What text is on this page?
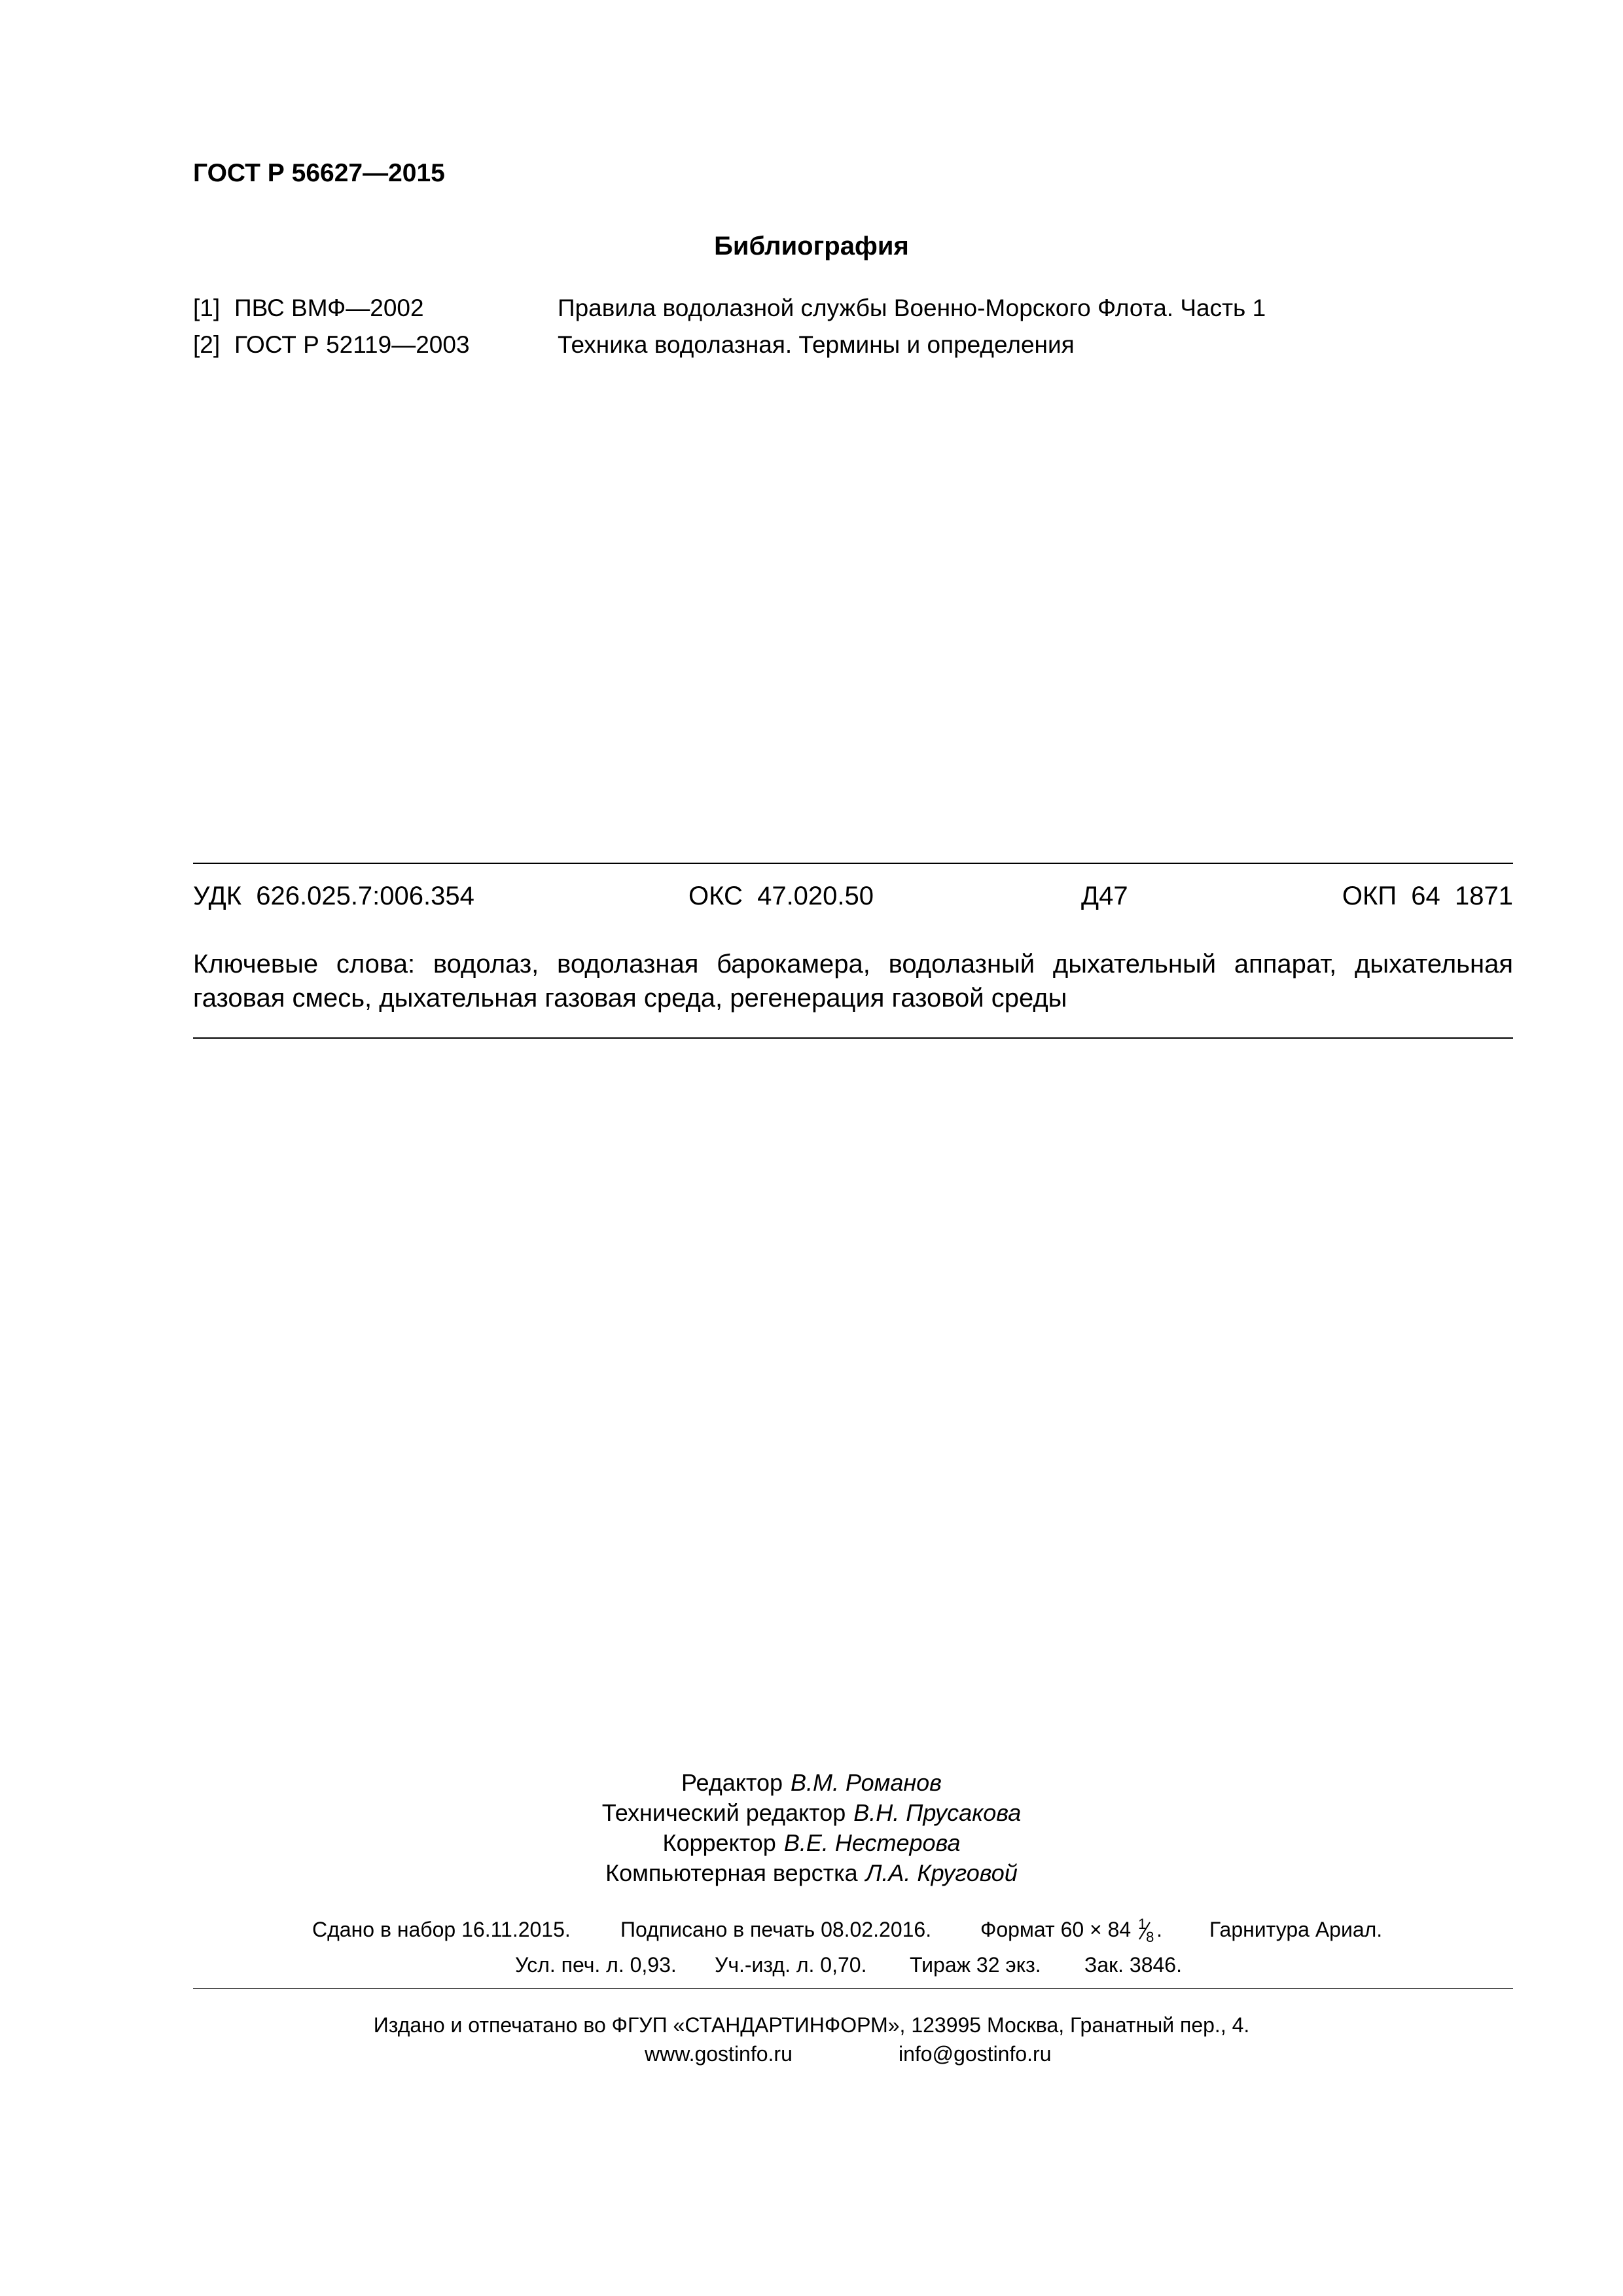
ГОСТ Р 56627—2015
Библиография
[1] ПВС ВМФ—2002	Правила водолазной службы Военно-Морского Флота. Часть 1
[2] ГОСТ Р 52119—2003	Техника водолазная. Термины и определения
УДК  626.025.7:006.354	ОКС  47.020.50	Д47	ОКП  64  1871
Ключевые слова: водолаз, водолазная барокамера, водолазный дыхательный аппарат, дыхательная газовая смесь, дыхательная газовая среда, регенерация газовой среды
Редактор В.М. Романов
Технический редактор В.Н. Прусакова
Корректор В.Е. Нестерова
Компьютерная верстка Л.А. Круговой
Сдано в набор 16.11.2015. Подписано в печать 08.02.2016. Формат 60 × 84 1
8 . Гарнитура Ариал.
Усл. печ. л. 0,93. Уч.-изд. л. 0,70. Тираж 32 экз. Зак. 3846.
Издано и отпечатано во ФГУП «СТАНДАРТИНФОРМ», 123995 Москва, Гранатный пер., 4.
www.gostinfo.ru	info@gostinfo.ru
